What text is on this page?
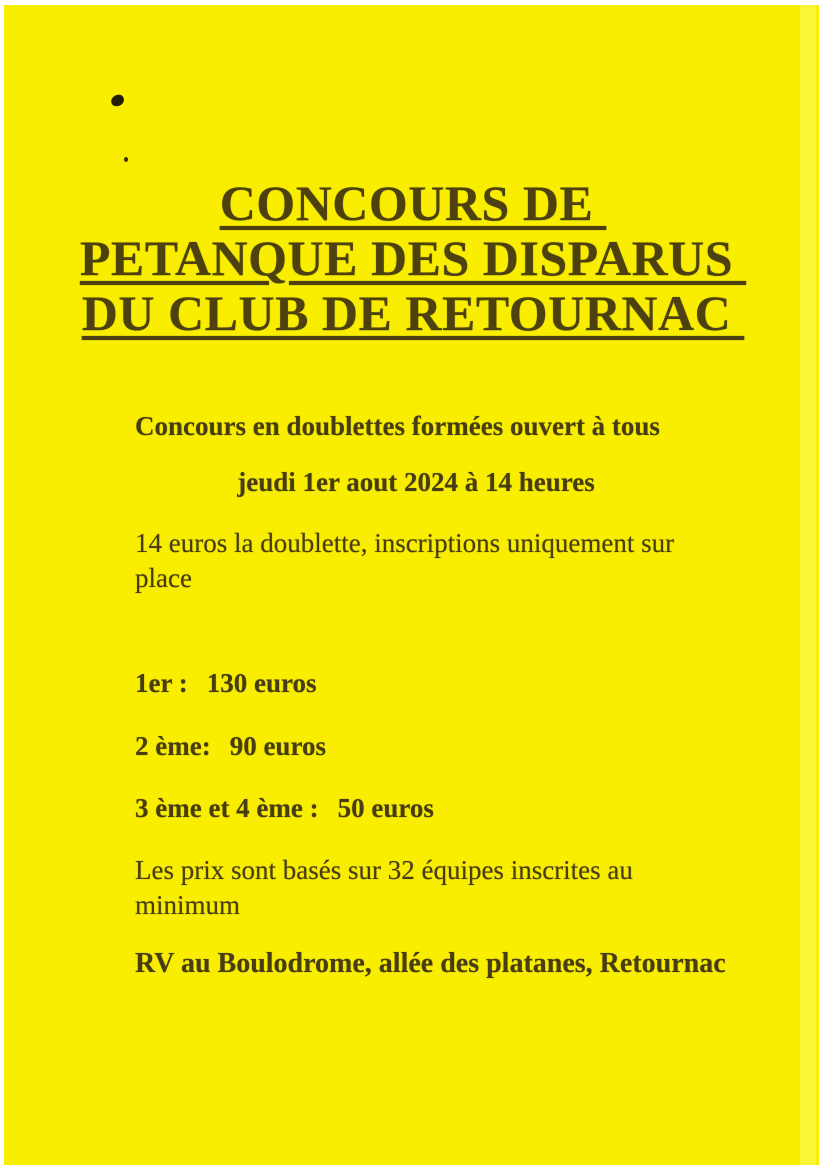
CONCOURS DE
PETANQUE DES DISPARUS
DU CLUB DE RETOURNAC
Concours en doublettes formées ouvert à tous
jeudi 1er aout 2024 à 14 heures
14 euros la doublette, inscriptions uniquement sur
place
1er : 130 euros
2 ème: 90 euros
3 ème et 4 ème : 50 euros
Les prix sont basés sur 32 équipes inscrites au
minimum
RV au Boulodrome, allée des platanes, Retournac
